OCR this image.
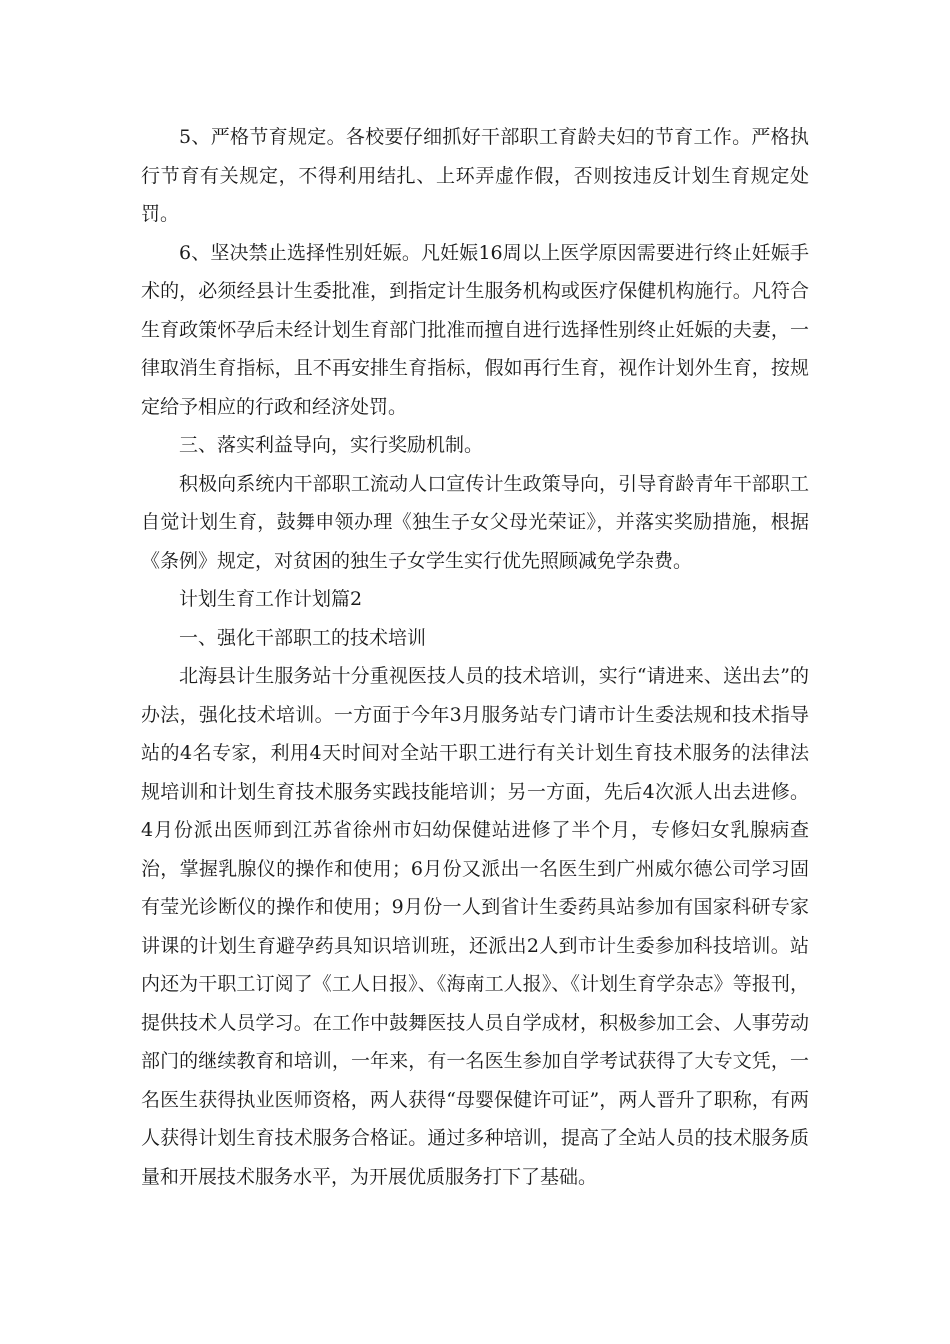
5、严格节育规定。各校要仔细抓好干部职工育龄夫妇的节育工作。严格执行节育有关规定，不得利用结扎、上环弄虚作假，否则按违反计划生育规定处罚。

6、坚决禁止选择性别妊娠。凡妊娠16周以上医学原因需要进行终止妊娠手术的，必须经县计生委批准，到指定计生服务机构或医疗保健机构施行。凡符合生育政策怀孕后未经计划生育部门批准而擅自进行选择性别终止妊娠的夫妻，一律取消生育指标，且不再安排生育指标，假如再行生育，视作计划外生育，按规定给予相应的行政和经济处罚。

三、落实利益导向，实行奖励机制。

积极向系统内干部职工流动人口宣传计生政策导向，引导育龄青年干部职工自觉计划生育，鼓舞申领办理《独生子女父母光荣证》，并落实奖励措施，根据《条例》规定，对贫困的独生子女学生实行优先照顾减免学杂费。

计划生育工作计划篇2

一、强化干部职工的技术培训

北海县计生服务站十分重视医技人员的技术培训，实行“请进来、送出去”的办法，强化技术培训。一方面于今年3月服务站专门请市计生委法规和技术指导站的4名专家，利用4天时间对全站干职工进行有关计划生育技术服务的法律法规培训和计划生育技术服务实践技能培训；另一方面，先后4次派人出去进修。4月份派出医师到江苏省徐州市妇幼保健站进修了半个月，专修妇女乳腺病查治，掌握乳腺仪的操作和使用；6月份又派出一名医生到广州威尔德公司学习固有莹光诊断仪的操作和使用；9月份一人到省计生委药具站参加有国家科研专家讲课的计划生育避孕药具知识培训班，还派出2人到市计生委参加科技培训。站内还为干职工订阅了《工人日报》、《海南工人报》、《计划生育学杂志》等报刊，提供技术人员学习。在工作中鼓舞医技人员自学成材，积极参加工会、人事劳动部门的继续教育和培训，一年来，有一名医生参加自学考试获得了大专文凭，一名医生获得执业医师资格，两人获得“母婴保健许可证”，两人晋升了职称，有两人获得计划生育技术服务合格证。通过多种培训，提高了全站人员的技术服务质量和开展技术服务水平，为开展优质服务打下了基础。
